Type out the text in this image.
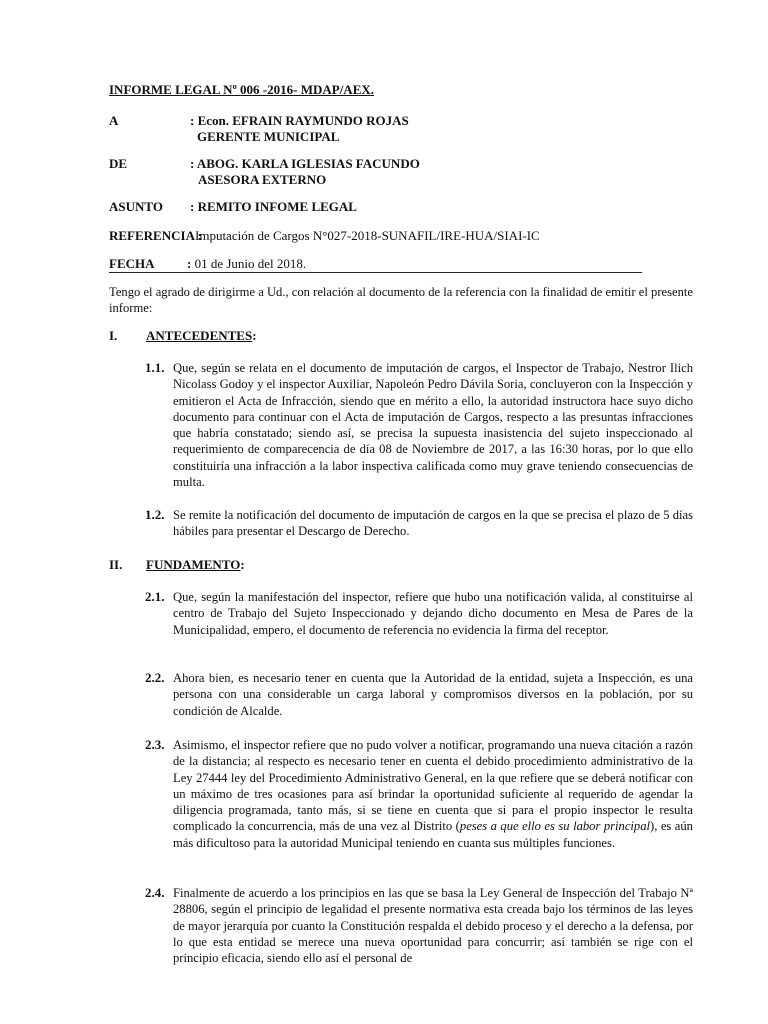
INFORME LEGAL Nº 006 -2016- MDAP/AEX.
A	: Econ. EFRAIN RAYMUNDO ROJAS
GERENTE MUNICIPAL
DE	: ABOG. KARLA IGLESIAS FACUNDO
ASESORA EXTERNO
ASUNTO : REMITO INFOME LEGAL
REFERENCIA :
Imputación de Cargos N°027-2018-SUNAFIL/IRE-HUA/SIAI-IC
FECHA	: 01 de Junio del 2018.
Tengo el agrado de dirigirme a Ud., con relación al documento de la referencia con la finalidad de emitir el presente informe:
I. ANTECEDENTES:
1.1. Que, según se relata en el documento de imputación de cargos, el Inspector de Trabajo, Nestror Ilich Nicolass Godoy y el inspector Auxiliar, Napoleón Pedro Dávila Soria, concluyeron con la Inspección y emitieron el Acta de Infracción, siendo que en mérito a ello, la autoridad instructora hace suyo dicho documento para continuar con el Acta de imputación de Cargos, respecto a las presuntas infracciones que habría constatado; siendo así, se precisa la supuesta inasistencia del sujeto inspeccionado al requerimiento de comparecencia de día 08 de Noviembre de 2017, a las 16:30 horas, por lo que ello constituiría una infracción a la labor inspectiva calificada como muy grave teniendo consecuencias de multa.
1.2. Se remite la notificación del documento de imputación de cargos en la que se precisa el plazo de 5 días hábiles para presentar el Descargo de Derecho.
II. FUNDAMENTO:
2.1. Que, según la manifestación del inspector, refiere que hubo una notificación valida, al constituirse al centro de Trabajo del Sujeto Inspeccionado y dejando dicho documento en Mesa de Pares de la Municipalidad, empero, el documento de referencia no evidencia la firma del receptor.
2.2. Ahora bien, es necesario tener en cuenta que la Autoridad de la entidad, sujeta a Inspección, es una persona con una considerable un carga laboral y compromisos diversos en la población, por su condición de Alcalde.
2.3. Asimismo, el inspector refiere que no pudo volver a notificar, programando una nueva citación a razón de la distancia; al respecto es necesario tener en cuenta el debido procedimiento administrativo de la Ley 27444 ley del Procedimiento Administrativo General, en la que refiere que se deberá notificar con un máximo de tres ocasiones para así brindar la oportunidad suficiente al requerido de agendar la diligencia programada, tanto más, si se tiene en cuenta que si para el propio inspector le resulta complicado la concurrencia, más de una vez al Distrito (peses a que ello es su labor principal), es aún más dificultoso para la autoridad Municipal teniendo en cuanta sus múltiples funciones.
2.4. Finalmente de acuerdo a los principios en las que se basa la Ley General de Inspección del Trabajo Nª 28806, según el principio de legalidad el presente normativa esta creada bajo los términos de las leyes de mayor jerarquía por cuanto la Constitución respalda el debido proceso y el derecho a la defensa, por lo que esta entidad se merece una nueva oportunidad para concurrir; así también se rige con el principio eficacia, siendo ello así el personal de
